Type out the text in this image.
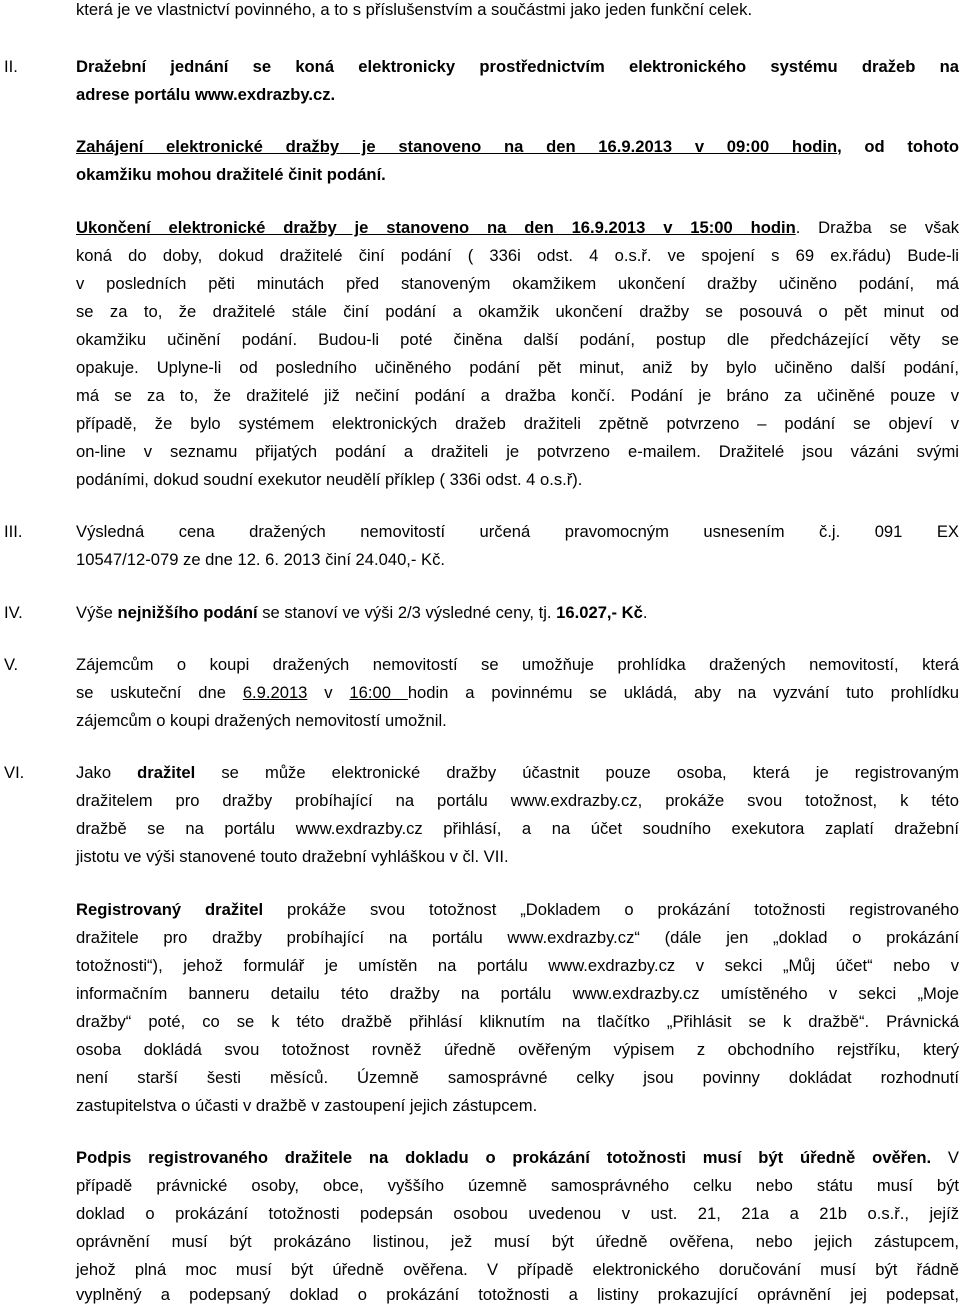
která je ve vlastnictví povinného, a to s příslušenstvím a součástmi jako jeden funkční celek.
II.	Dražební jednání se koná elektronicky prostřednictvím elektronického systému dražeb na
adrese portálu www.exdrazby.cz.
Zahájení elektronické dražby je stanoveno na den 16.9.2013 v 09:00 hodin, od tohoto
okamžiku mohou dražitelé činit podání.
Ukončení elektronické dražby je stanoveno na den 16.9.2013 v 15:00 hodin. Dražba se však
koná do doby, dokud dražitelé činí podání ( 336i odst. 4 o.s.ř. ve spojení s 69 ex.řádu) Bude-li
v posledních pěti minutách před stanoveným okamžikem ukončení dražby učiněno podání, má
se za to, že dražitelé stále činí podání a okamžik ukončení dražby se posouvá o pět minut od
okamžiku učinění podání. Budou-li poté činěna další podání, postup dle předcházející věty se
opakuje. Uplyne-li od posledního učiněného podání pět minut, aniž by bylo učiněno další podání,
má se za to, že dražitelé již nečiní podání a dražba končí. Podání je bráno za učiněné pouze v
případě, že bylo systémem elektronických dražeb dražiteli zpětně potvrzeno – podání se objeví v
on-line v seznamu přijatých podání a dražiteli je potvrzeno e-mailem. Dražitelé jsou vázáni svými
podáními, dokud soudní exekutor neudělí příklep ( 336i odst. 4 o.s.ř).
III.	Výsledná cena dražených nemovitostí určená pravomocným usnesením č.j. 091 EX
10547/12-079 ze dne 12. 6. 2013 činí 24.040,- Kč.
IV.	Výše nejnižšího podání se stanoví ve výši 2/3 výsledné ceny, tj. 16.027,- Kč.
V.	Zájemcům o koupi dražených nemovitostí se umožňuje prohlídka dražených nemovitostí, která
se uskuteční dne 6.9.2013 v 16:00 hodin a povinnému se ukládá, aby na vyzvání tuto prohlídku
zájemcům o koupi dražených nemovitostí umožnil.
VI.	Jako dražitel se může elektronické dražby účastnit pouze osoba, která je registrovaným
dražitelem pro dražby probíhající na portálu www.exdrazby.cz, prokáže svou totožnost, k této
dražbě se na portálu www.exdrazby.cz přihlásí, a na účet soudního exekutora zaplatí dražební
jistotu ve výši stanovené touto dražební vyhláškou v čl. VII.
Registrovaný dražitel prokáže svou totožnost „Dokladem o prokázání totožnosti registrovaného
dražitele pro dražby probíhající na portálu www.exdrazby.cz“ (dále jen „doklad o prokázání
totožnosti“), jehož formulář je umístěn na portálu www.exdrazby.cz v sekci „Můj účet“ nebo v
informačním banneru detailu této dražby na portálu www.exdrazby.cz umístěného v sekci „Moje
dražby“ poté, co se k této dražbě přihlásí kliknutím na tlačítko „Přihlásit se k dražbě“. Právnická
osoba dokládá svou totožnost rovněž úředně ověřeným výpisem z obchodního rejstříku, který
není starší šesti měsíců. Územně samosprávné celky jsou povinny dokládat rozhodnutí
zastupitelstva o účasti v dražbě v zastoupení jejich zástupcem.
Podpis registrovaného dražitele na dokladu o prokázání totožnosti musí být úředně ověřen. V
případě právnické osoby, obce, vyššího územně samosprávného celku nebo státu musí být
doklad o prokázání totožnosti podepsán osobou uvedenou v ust. 21, 21a a 21b o.s.ř., jejíž
oprávnění musí být prokázáno listinou, jež musí být úředně ověřena, nebo jejich zástupcem,
jehož plná moc musí být úředně ověřena. V případě elektronického doručování musí být řádně
vyplněný a podepsaný doklad o prokázání totožnosti a listiny prokazující oprávnění jej podepsat,
